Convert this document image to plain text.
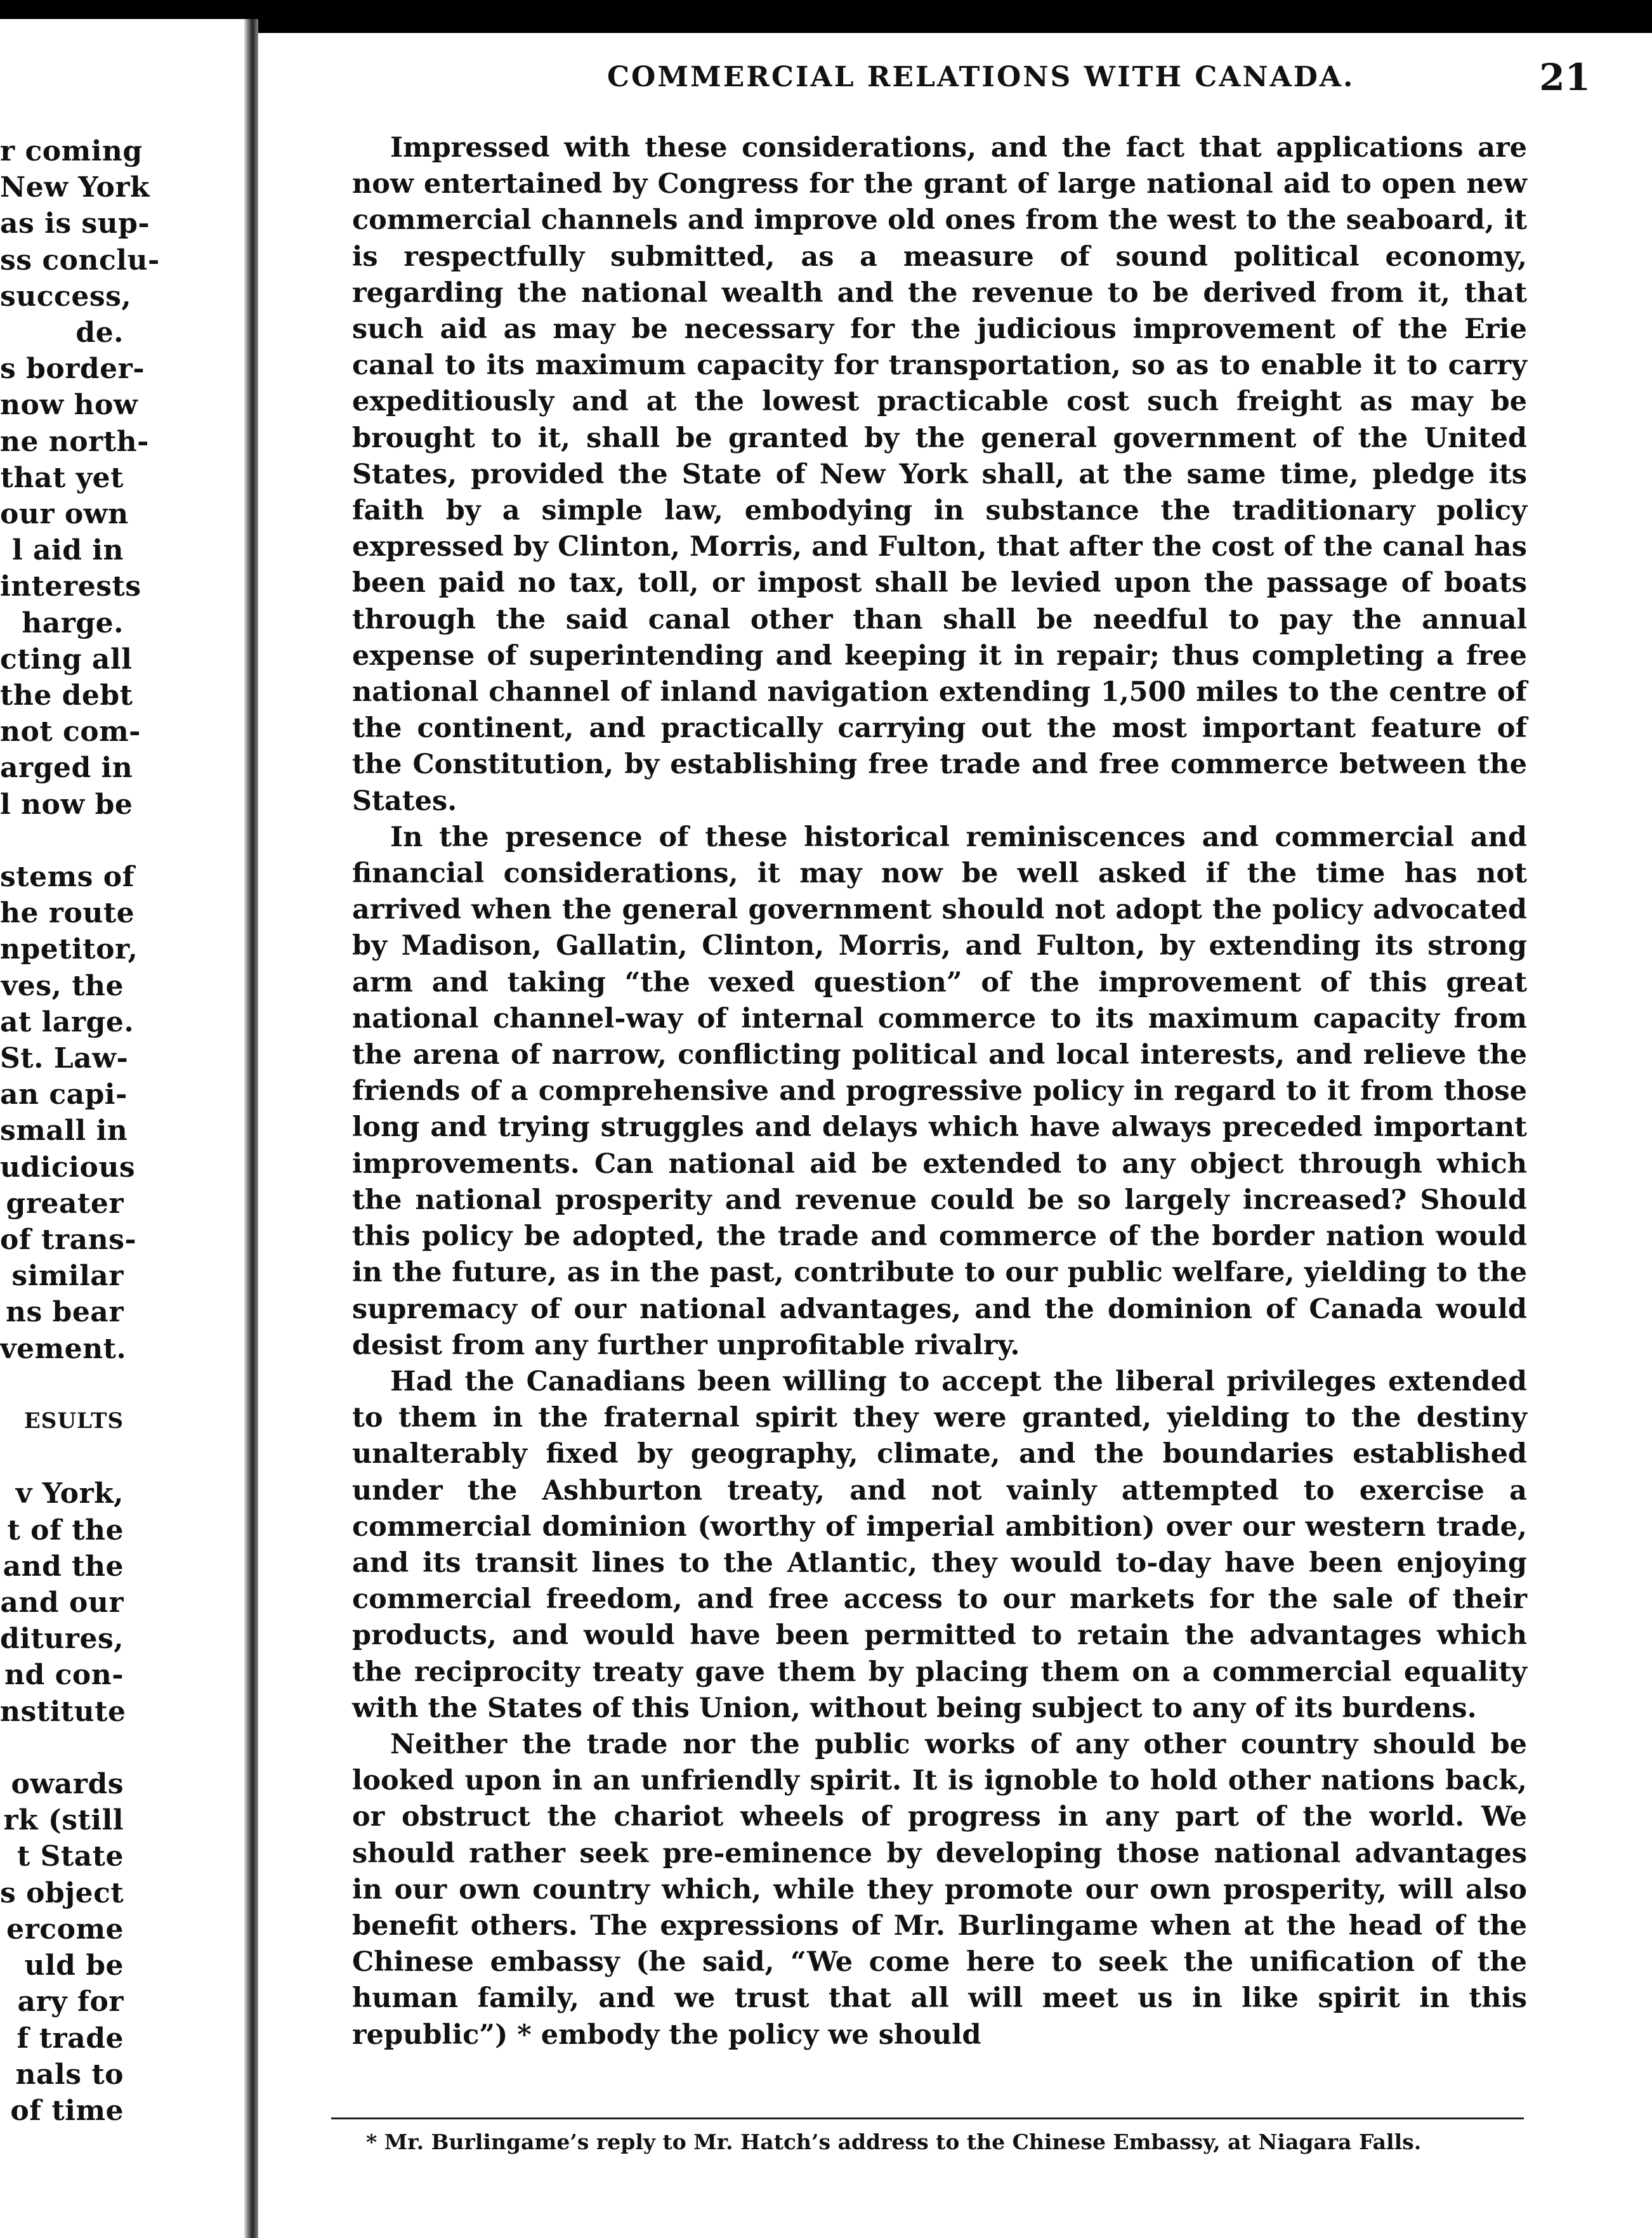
r coming
New York
as is sup-
ss conclu-
success,
de.
s border-
now how
ne north-
that yet
our own
l aid in
interests
harge.
cting all
the debt
not com-
arged in
l now be
stems of
he route
npetitor,
ves, the
at large.
St. Law-
an capi-
small in
udicious
greater
of trans-
similar
ns bear
vement.
ESULTS
v York,
t of the
and the
and our
ditures,
nd con-
nstitute
owards
rk (still
t State
s object
ercome
uld be
ary for
f trade
nals to
of time
COMMERCIAL RELATIONS WITH CANADA.	21

Impressed with these considerations, and the fact that applications are now entertained by Congress for the grant of large national aid to open new commercial channels and improve old ones from the west to the seaboard, it is respectfully submitted, as a measure of sound political economy, regarding the national wealth and the revenue to be derived from it, that such aid as may be necessary for the judicious improvement of the Erie canal to its maximum capacity for transportation, so as to enable it to carry expeditiously and at the lowest practicable cost such freight as may be brought to it, shall be granted by the general government of the United States, provided the State of New York shall, at the same time, pledge its faith by a simple law, embodying in substance the traditionary policy expressed by Clinton, Morris, and Fulton, that after the cost of the canal has been paid no tax, toll, or impost shall be levied upon the passage of boats through the said canal other than shall be needful to pay the annual expense of superintending and keeping it in repair; thus completing a free national channel of inland navigation extending 1,500 miles to the centre of the continent, and practically carrying out the most important feature of the Constitution, by establishing free trade and free commerce between the States.

In the presence of these historical reminiscences and commercial and financial considerations, it may now be well asked if the time has not arrived when the general government should not adopt the policy advocated by Madison, Gallatin, Clinton, Morris, and Fulton, by extending its strong arm and taking “the vexed question” of the improvement of this great national channel-way of internal commerce to its maximum capacity from the arena of narrow, conflicting political and local interests, and relieve the friends of a comprehensive and progressive policy in regard to it from those long and trying struggles and delays which have always preceded important improvements. Can national aid be extended to any object through which the national prosperity and revenue could be so largely increased? Should this policy be adopted, the trade and commerce of the border nation would in the future, as in the past, contribute to our public welfare, yielding to the supremacy of our national advantages, and the dominion of Canada would desist from any further unprofitable rivalry.

Had the Canadians been willing to accept the liberal privileges extended to them in the fraternal spirit they were granted, yielding to the destiny unalterably fixed by geography, climate, and the boundaries established under the Ashburton treaty, and not vainly attempted to exercise a commercial dominion (worthy of imperial ambition) over our western trade, and its transit lines to the Atlantic, they would to-day have been enjoying commercial freedom, and free access to our markets for the sale of their products, and would have been permitted to retain the advantages which the reciprocity treaty gave them by placing them on a commercial equality with the States of this Union, without being subject to any of its burdens.

Neither the trade nor the public works of any other country should be looked upon in an unfriendly spirit. It is ignoble to hold other nations back, or obstruct the chariot wheels of progress in any part of the world. We should rather seek pre-eminence by developing those national advantages in our own country which, while they promote our own prosperity, will also benefit others. The expressions of Mr. Burlingame when at the head of the Chinese embassy (he said, “We come here to seek the unification of the human family, and we trust that all will meet us in like spirit in this republic”) * embody the policy we should

* Mr. Burlingame’s reply to Mr. Hatch’s address to the Chinese Embassy, at Niagara Falls.
